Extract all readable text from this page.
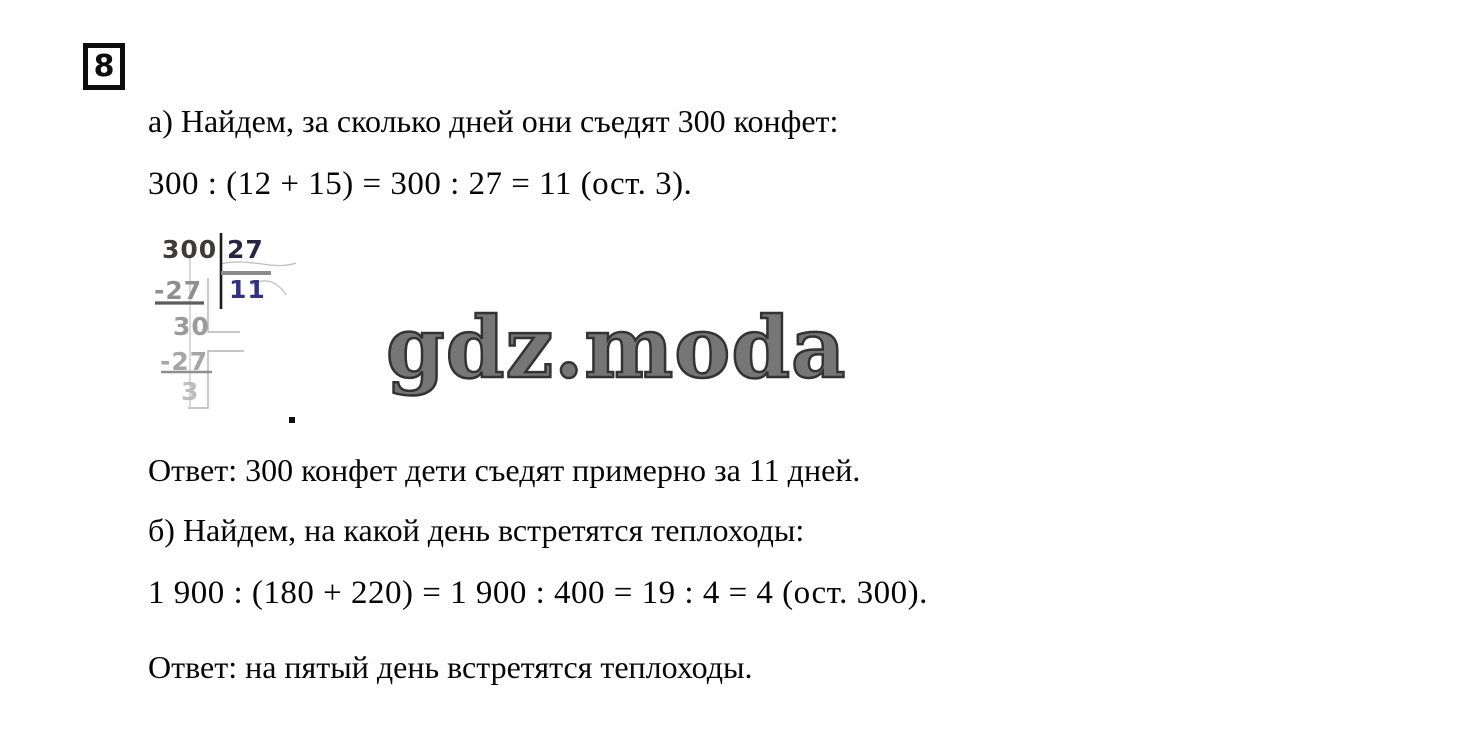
8
а) Найдем, за сколько дней они съедят 300 конфет:
300 : (12 + 15) = 300 : 27 = 11 (ост. 3).
300 27
11
-27
30
-27
3 gdz.moda
Ответ: 300 конфет дети съедят примерно за 11 дней.
б) Найдем, на какой день встретятся теплоходы:
1 900 : (180 + 220) = 1 900 : 400 = 19 : 4 = 4 (ост. 300).
Ответ: на пятый день встретятся теплоходы.
